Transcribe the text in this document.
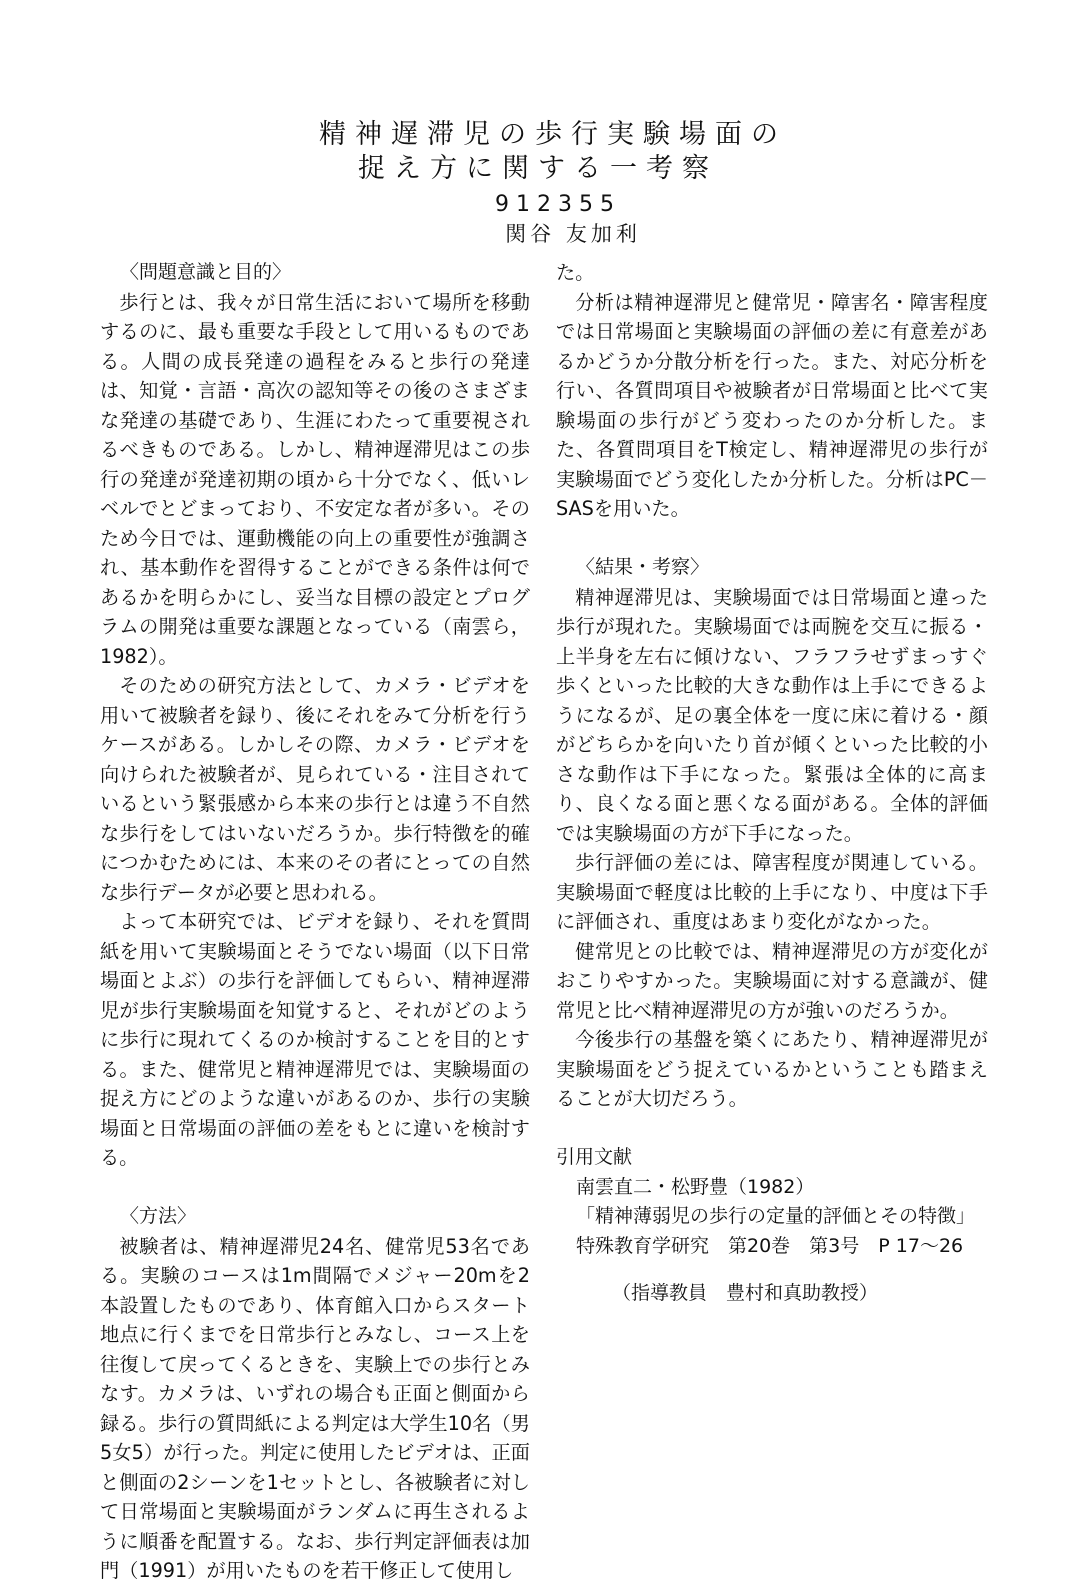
精神遅滞児の歩行実験場面の
捉え方に関する一考察
912355
関谷 友加利
〈問題意識と目的〉

歩行とは、我々が日常生活において場所を移動するのに、最も重要な手段として用いるものである。人間の成長発達の過程をみると歩行の発達は、知覚・言語・高次の認知等その後のさまざまな発達の基礎であり、生涯にわたって重要視されるべきものである。しかし、精神遅滞児はこの歩行の発達が発達初期の頃から十分でなく、低いレベルでとどまっており、不安定な者が多い。そのため今日では、運動機能の向上の重要性が強調され、基本動作を習得することができる条件は何であるかを明らかにし、妥当な目標の設定とプログラムの開発は重要な課題となっている（南雲ら，1982）。

そのための研究方法として、カメラ・ビデオを用いて被験者を録り、後にそれをみて分析を行うケースがある。しかしその際、カメラ・ビデオを向けられた被験者が、見られている・注目されているという緊張感から本来の歩行とは違う不自然な歩行をしてはいないだろうか。歩行特徴を的確につかむためには、本来のその者にとっての自然な歩行データが必要と思われる。

よって本研究では、ビデオを録り、それを質問紙を用いて実験場面とそうでない場面（以下日常場面とよぶ）の歩行を評価してもらい、精神遅滞児が歩行実験場面を知覚すると、それがどのように歩行に現れてくるのか検討することを目的とする。また、健常児と精神遅滞児では、実験場面の捉え方にどのような違いがあるのか、歩行の実験場面と日常場面の評価の差をもとに違いを検討する。

〈方法〉

被験者は、精神遅滞児24名、健常児53名である。実験のコースは1m間隔でメジャー20mを2本設置したものであり、体育館入口からスタート地点に行くまでを日常歩行とみなし、コース上を往復して戻ってくるときを、実験上での歩行とみなす。カメラは、いずれの場合も正面と側面から録る。歩行の質問紙による判定は大学生10名（男5女5）が行った。判定に使用したビデオは、正面と側面の2シーンを1セットとし、各被験者に対して日常場面と実験場面がランダムに再生されるように順番を配置する。なお、歩行判定評価表は加門（1991）が用いたものを若干修正して使用し

た。

分析は精神遅滞児と健常児・障害名・障害程度では日常場面と実験場面の評価の差に有意差があるかどうか分散分析を行った。また、対応分析を行い、各質問項目や被験者が日常場面と比べて実験場面の歩行がどう変わったのか分析した。また、各質問項目をT検定し、精神遅滞児の歩行が実験場面でどう変化したか分析した。分析はPC－SASを用いた。

〈結果・考察〉

精神遅滞児は、実験場面では日常場面と違った歩行が現れた。実験場面では両腕を交互に振る・上半身を左右に傾けない、フラフラせずまっすぐ歩くといった比較的大きな動作は上手にできるようになるが、足の裏全体を一度に床に着ける・顔がどちらかを向いたり首が傾くといった比較的小さな動作は下手になった。緊張は全体的に高まり、良くなる面と悪くなる面がある。全体的評価では実験場面の方が下手になった。

歩行評価の差には、障害程度が関連している。実験場面で軽度は比較的上手になり、中度は下手に評価され、重度はあまり変化がなかった。

健常児との比較では、精神遅滞児の方が変化がおこりやすかった。実験場面に対する意識が、健常児と比べ精神遅滞児の方が強いのだろうか。

今後歩行の基盤を築くにあたり、精神遅滞児が実験場面をどう捉えているかということも踏まえることが大切だろう。

引用文献
南雲直二・松野豊（1982）
「精神薄弱児の歩行の定量的評価とその特徴」
特殊教育学研究　第20巻　第3号　P 17～26
（指導教員　豊村和真助教授）
